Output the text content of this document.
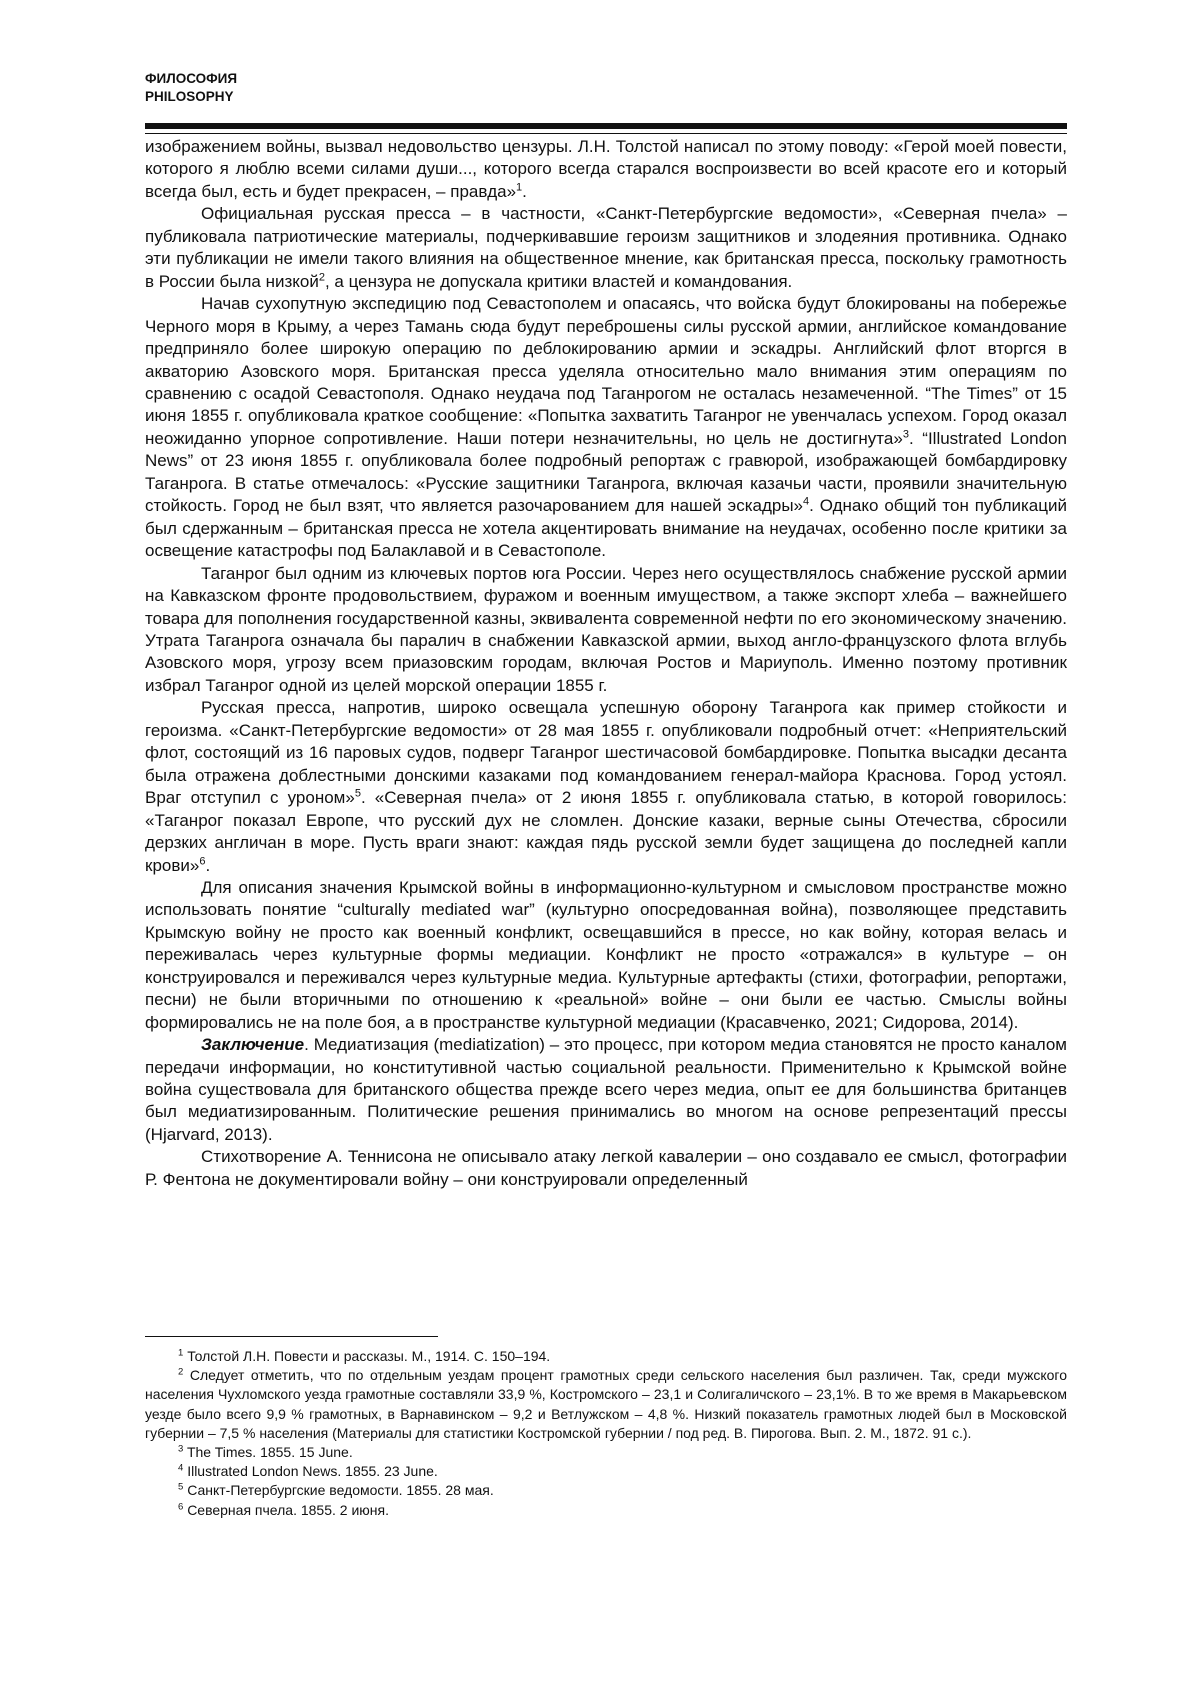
ФИЛОСОФИЯ
PHILOSOPHY

изображением войны, вызвал недовольство цензуры. Л.Н. Толстой написал по этому поводу: «Герой моей повести, которого я люблю всеми силами души..., которого всегда старался воспроизвести во всей красоте его и который всегда был, есть и будет прекрасен, – правда»$^1$.

Официальная русская пресса – в частности, «Санкт-Петербургские ведомости», «Северная пчела» – публиковала патриотические материалы, подчеркивавшие героизм защитников и злодеяния противника. Однако эти публикации не имели такого влияния на общественное мнение, как британская пресса, поскольку грамотность в России была низкой$^2$, а цензура не допускала критики властей и командования.

Начав сухопутную экспедицию под Севастополем и опасаясь, что войска будут блокированы на побережье Черного моря в Крыму, а через Тамань сюда будут переброшены силы русской армии, английское командование предприняло более широкую операцию по деблокированию армии и эскадры. Английский флот вторгся в акваторию Азовского моря. Британская пресса уделяла относительно мало внимания этим операциям по сравнению с осадой Севастополя. Однако неудача под Таганрогом не осталась незамеченной. “The Times” от 15 июня 1855 г. опубликовала краткое сообщение: «Попытка захватить Таганрог не увенчалась успехом. Город оказал неожиданно упорное сопротивление. Наши потери незначительны, но цель не достигнута»$^3$. “Illustrated London News” от 23 июня 1855 г. опубликовала более подробный репортаж с гравюрой, изображающей бомбардировку Таганрога. В статье отмечалось: «Русские защитники Таганрога, включая казачьи части, проявили значительную стойкость. Город не был взят, что является разочарованием для нашей эскадры»$^4$. Однако общий тон публикаций был сдержанным – британская пресса не хотела акцентировать внимание на неудачах, особенно после критики за освещение катастрофы под Балаклавой и в Севастополе.

Таганрог был одним из ключевых портов юга России. Через него осуществлялось снабжение русской армии на Кавказском фронте продовольствием, фуражом и военным имуществом, а также экспорт хлеба – важнейшего товара для пополнения государственной казны, эквивалента современной нефти по его экономическому значению. Утрата Таганрога означала бы паралич в снабжении Кавказской армии, выход англо-французского флота вглубь Азовского моря, угрозу всем приазовским городам, включая Ростов и Мариуполь. Именно поэтому противник избрал Таганрог одной из целей морской операции 1855 г.

Русская пресса, напротив, широко освещала успешную оборону Таганрога как пример стойкости и героизма. «Санкт-Петербургские ведомости» от 28 мая 1855 г. опубликовали подробный отчет: «Неприятельский флот, состоящий из 16 паровых судов, подверг Таганрог шестичасовой бомбардировке. Попытка высадки десанта была отражена доблестными донскими казаками под командованием генерал-майора Краснова. Город устоял. Враг отступил с уроном»$^5$. «Северная пчела» от 2 июня 1855 г. опубликовала статью, в которой говорилось: «Таганрог показал Европе, что русский дух не сломлен. Донские казаки, верные сыны Отечества, сбросили дерзких англичан в море. Пусть враги знают: каждая пядь русской земли будет защищена до последней капли крови»$^6$.

Для описания значения Крымской войны в информационно-культурном и смысловом пространстве можно использовать понятие “culturally mediated war” (культурно опосредованная война), позволяющее представить Крымскую войну не просто как военный конфликт, освещавшийся в прессе, но как войну, которая велась и переживалась через культурные формы медиации. Конфликт не просто «отражался» в культуре – он конструировался и переживался через культурные медиа. Культурные артефакты (стихи, фотографии, репортажи, песни) не были вторичными по отношению к «реальной» войне – они были ее частью. Смыслы войны формировались не на поле боя, а в пространстве культурной медиации (Красавченко, 2021; Сидорова, 2014).

Заключение. Медиатизация (mediatization) – это процесс, при котором медиа становятся не просто каналом передачи информации, но конститутивной частью социальной реальности. Применительно к Крымской войне война существовала для британского общества прежде всего через медиа, опыт ее для большинства британцев был медиатизированным. Политические решения принимались во многом на основе репрезентаций прессы (Hjarvard, 2013).

Стихотворение А. Теннисона не описывало атаку легкой кавалерии – оно создавало ее смысл, фотографии Р. Фентона не документировали войну – они конструировали определенный

$^1$ Толстой Л.Н. Повести и рассказы. М., 1914. С. 150–194.

$^2$ Следует отметить, что по отдельным уездам процент грамотных среди сельского населения был различен. Так, среди мужского населения Чухломского уезда грамотные составляли 33,9 %, Костромского – 23,1 и Солигаличского – 23,1%. В то же время в Макарьевском уезде было всего 9,9 % грамотных, в Варнавинском – 9,2 и Ветлужском – 4,8 %. Низкий показатель грамотных людей был в Московской губернии – 7,5 % населения (Материалы для статистики Костромской губернии / под ред. В. Пирогова. Вып. 2. М., 1872. 91 с.).

$^3$ The Times. 1855. 15 June.

$^4$ Illustrated London News. 1855. 23 June.

$^5$ Санкт-Петербургские ведомости. 1855. 28 мая.

$^6$ Северная пчела. 1855. 2 июня.
